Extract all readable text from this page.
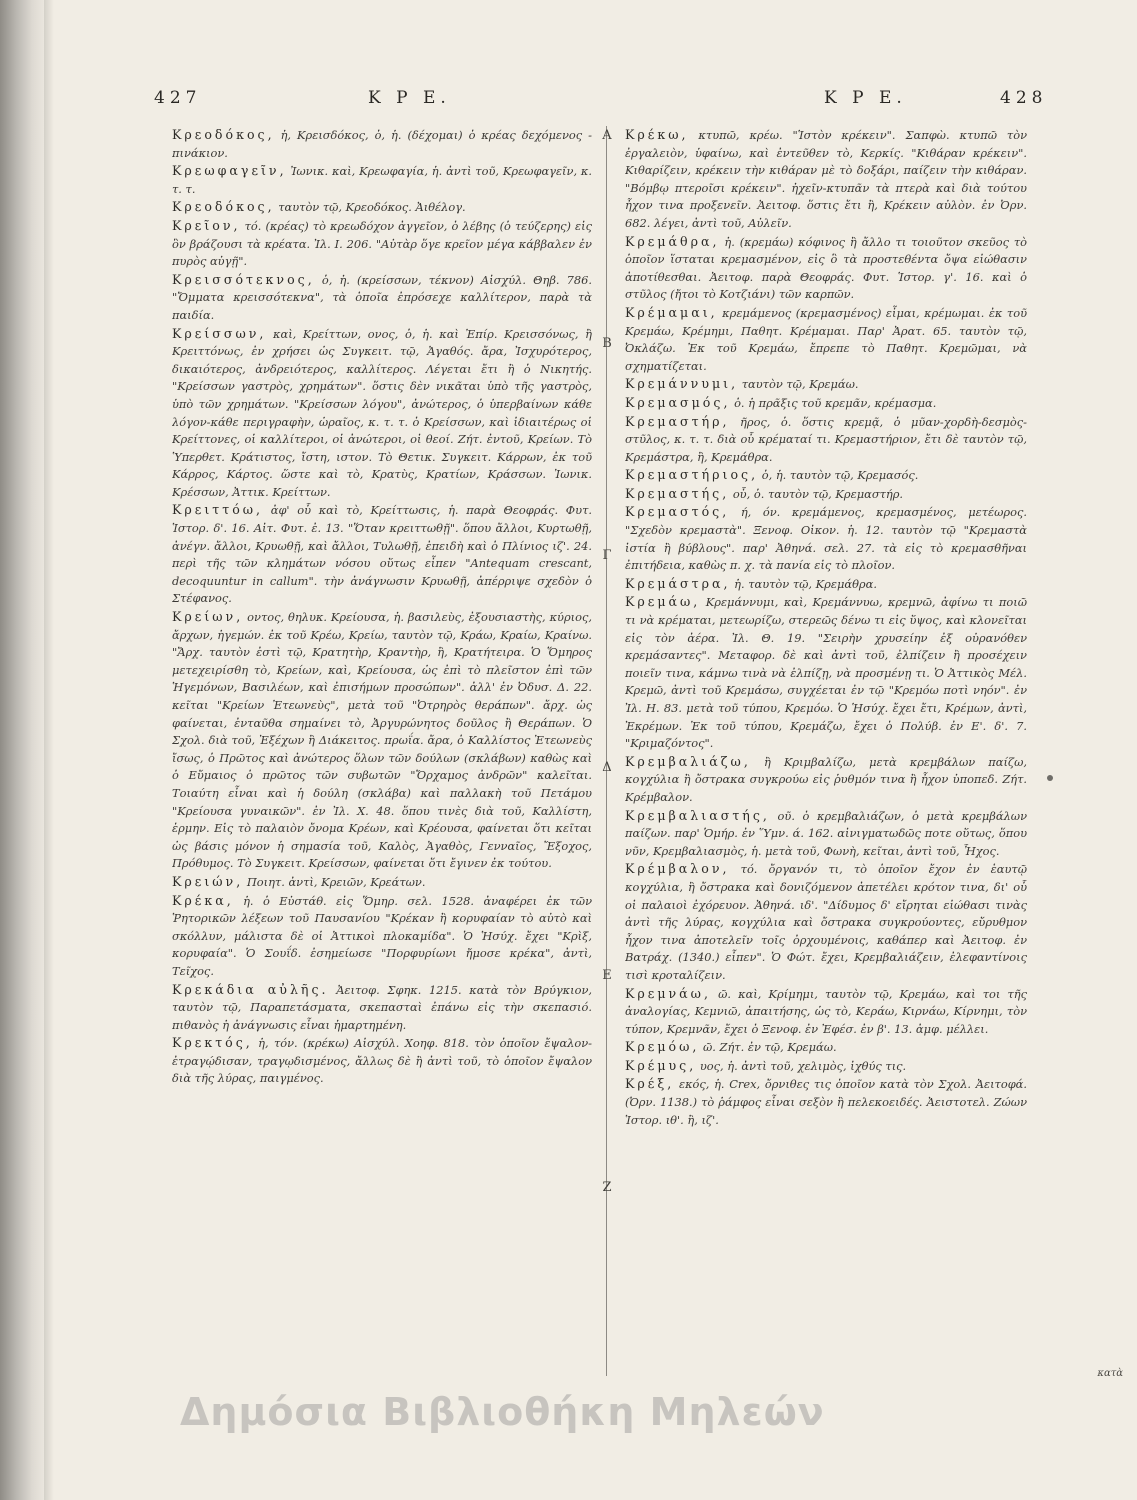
427	Κ Ρ Ε.	Κ Ρ Ε.	428
Α
Β
Γ
Δ
Ε
Ζ

Κρεοδόκος, ἡ, Κρεισδόκος, ὁ, ἡ. (δέχομαι) ὁ κρέας δεχόμενος - πινάκιον.

Κρεωφαγεῖν, Ἰωνικ. καὶ, Κρεωφαγία, ἡ. ἀντὶ τοῦ, Κρεωφαγεῖν, κ. τ. τ.

Κρεοδόκος, ταυτὸν τῷ, Κρεοδόκος. Ἀιθέλογ.

Κρεῖον, τό. (κρέας) τὸ κρεωδόχον ἀγγεῖον, ὁ λέβης (ὁ τεύζερης) εἰς ὃν βράζουσι τὰ κρέατα. Ἰλ. Ι. 206. "Αὐτὰρ ὅγε κρεῖον μέγα κάββαλεν ἐν πυρὸς αὐγῇ".

Κρεισσότεκνος, ὁ, ἡ. (κρείσσων, τέκνον) Αἰσχύλ. Θηβ. 786. "Ὄμματα κρεισσότεκνα", τὰ ὁποῖα ἐπρόσεχε καλλίτερον, παρὰ τὰ παιδία.

Κρείσσων, καὶ, Κρείττων, ονος, ὁ, ἡ. καὶ Ἐπίρ. Κρεισσόνως, ἢ Κρειττόνως, ἐν χρήσει ὡς Συγκειτ. τῷ, Ἀγαθός. ἄρα, Ἰσχυρότερος, δικαιότερος, ἀνδρειότερος, καλλίτερος. Λέγεται ἔτι ἢ ὁ Νικητής. "Κρείσσων γαστρὸς, χρημάτων". ὅστις δὲν νικᾶται ὑπὸ τῆς γαστρὸς, ὑπὸ τῶν χρημάτων. "Κρείσσων λόγου", ἀνώτερος, ὁ ὑπερβαίνων κάθε λόγον-κάθε περιγραφὴν, ὡραῖος, κ. τ. τ. ὁ Κρείσσων, καὶ ἰδιαιτέρως οἱ Κρείττονες, οἱ καλλίτεροι, οἱ ἀνώτεροι, οἱ θεοί. Ζήτ. ἐντοῦ, Κρείων. Τὸ Ὑπερθετ. Κράτιστος, ἴστη, ιστον. Τὸ Θετικ. Συγκειτ. Κάρρων, ἐκ τοῦ Κάρρος, Κάρτος. ὥστε καὶ τὸ, Κρατὺς, Κρατίων, Κράσσων. Ἰωνικ. Κρέσσων, Ἀττικ. Κρείττων.

Κρειττόω, ἀφ' οὗ καὶ τὸ, Κρείττωσις, ἡ. παρὰ Θεοφράς. Φυτ. Ἱστορ. δ'. 16. Αἰτ. Φυτ. ἐ. 13. "Ὅταν κρειττωθῇ". ὅπου ἄλλοι, Κυρτωθῇ, ἀνέγν. ἄλλοι, Κρυωθῇ, καὶ ἄλλοι, Τυλωθῇ, ἐπειδὴ καὶ ὁ Πλίνιος ιζ'. 24. περὶ τῆς τῶν κλημάτων νόσου οὕτως εἶπεν "Antequam crescant, decoquuntur in callum". τὴν ἀνάγνωσιν Κρυωθῇ, ἀπέρριψε σχεδὸν ὁ Στέφανος.

Κρείων, οντος, θηλυκ. Κρείουσα, ἡ. βασιλεὺς, ἐξουσιαστὴς, κύριος, ἄρχων, ἡγεμών. ἐκ τοῦ Κρέω, Κρείω, ταυτὸν τῷ, Κράω, Κραίω, Κραίνω. "Ἄρχ. ταυτὸν ἐστὶ τῷ, Κρατητὴρ, Κραντὴρ, ἢ, Κρατήτειρα. Ὁ Ὅμηρος μετεχειρίσθη τὸ, Κρείων, καὶ, Κρείουσα, ὡς ἐπὶ τὸ πλεῖστον ἐπὶ τῶν Ἡγεμόνων, Βασιλέων, καὶ ἐπισήμων προσώπων". ἀλλ' ἐν Ὀδυσ. Δ. 22. κεῖται "Κρείων Ἐτεωνεὺς", μετὰ τοῦ "Ὀτρηρὸς θεράπων". ἄρχ. ὡς φαίνεται, ἐνταῦθα σημαίνει τὸ, Ἀργυρώνητος δοῦλος ἢ Θεράπων. Ὁ Σχολ. διὰ τοῦ, Ἐξέχων ἢ Διάκειτος. πρωΐα. ἄρα, ὁ Καλλίστος Ἐτεωνεὺς ἴσως, ὁ Πρῶτος καὶ ἀνώτερος ὅλων τῶν δούλων (σκλάβων) καθὼς καὶ ὁ Εὔμαιος ὁ πρῶτος τῶν συβωτῶν "Ὄρχαμος ἀνδρῶν" καλεῖται. Τοιαύτη εἶναι καὶ ἡ δούλη (σκλάβα) καὶ παλλακὴ τοῦ Πετάμου "Κρείουσα γυναικῶν". ἐν Ἰλ. Χ. 48. ὅπου τινὲς διὰ τοῦ, Καλλίστη, ἑρμην. Εἰς τὸ παλαιὸν ὄνομα Κρέων, καὶ Κρέουσα, φαίνεται ὅτι κεῖται ὡς βάσις μόνον ἡ σημασία τοῦ, Καλὸς, Ἀγαθὸς, Γενναῖος, Ἔξοχος, Πρόθυμος. Τὸ Συγκειτ. Κρείσσων, φαίνεται ὅτι ἔγινεν ἐκ τούτου.

Κρειών, Ποιητ. ἀντὶ, Κρειῶν, Κρεάτων.

Κρέκα, ἡ. ὁ Εὐστάθ. εἰς Ὅμηρ. σελ. 1528. ἀναφέρει ἐκ τῶν Ῥητορικῶν λέξεων τοῦ Παυσανίου "Κρέκαν ἢ κορυφαίαν τὸ αὐτὸ καὶ σκόλλυν, μάλιστα δὲ οἱ Ἀττικοὶ πλοκαμίδα". Ὁ Ἡσύχ. ἔχει "Κρὶξ, κορυφαία". Ὁ Σουΐδ. ἐσημείωσε "Πορφυρίωνι ἤμοσε κρέκα", ἀντὶ, Τεῖχος.

Κρεκάδια αὐλῆς. Ἀειτοφ. Σφηκ. 1215. κατὰ τὸν Βρύγκιον, ταυτὸν τῷ, Παραπετάσματα, σκεπασταὶ ἐπάνω εἰς τὴν σκεπασιό. πιθανὸς ἡ ἀνάγνωσις εἶναι ἡμαρτημένη.

Κρεκτός, ἡ, τόν. (κρέκω) Αἰσχύλ. Χοηφ. 818. τὸν ὁποῖον ἔψαλον-ἐτραγῴδισαν, τραγῳδισμένος, ἄλλως δὲ ἢ ἀντὶ τοῦ, τὸ ὁποῖον ἔψαλον διὰ τῆς λύρας, παιγμένος.

Κρέκω, κτυπῶ, κρέω. "Ἱστὸν κρέκειν". Σαπφὼ. κτυπῶ τὸν ἐργαλειὸν, ὑφαίνω, καὶ ἐντεῦθεν τὸ, Κερκίς. "Κιθάραν κρέκειν". Κιθαρίζειν, κρέκειν τὴν κιθάραν μὲ τὸ δοξάρι, παίζειν τὴν κιθάραν. "Βόμβῳ πτεροῖσι κρέκειν". ἠχεῖν-κτυπᾶν τὰ πτερὰ καὶ διὰ τούτου ἦχον τινα προξενεῖν. Ἀειτοφ. ὅστις ἔτι ἢ, Κρέκειν αὐλὸν. ἐν Ὀρν. 682. λέγει, ἀντὶ τοῦ, Αὐλεῖν.

Κρεμάθρα, ἡ. (κρεμάω) κόφινος ἢ ἄλλο τι τοιοῦτον σκεῦος τὸ ὁποῖον ἵσταται κρεμασμένον, εἰς ὃ τὰ προστεθέντα ὄψα εἰώθασιν ἀποτίθεσθαι. Ἀειτοφ. παρὰ Θεοφράς. Φυτ. Ἱστορ. γ'. 16. καὶ ὁ στῦλος (ἤτοι τὸ Κοτζιάνι) τῶν καρπῶν.

Κρέμαμαι, κρεμάμενος (κρεμασμένος) εἶμαι, κρέμωμαι. ἐκ τοῦ Κρεμάω, Κρέμημι, Παθητ. Κρέμαμαι. Παρ' Ἀρατ. 65. ταυτὸν τῷ, Ὀκλάζω. Ἐκ τοῦ Κρεμάω, ἔπρεπε τὸ Παθητ. Κρεμῶμαι, νὰ σχηματίζεται.

Κρεμάννυμι, ταυτὸν τῷ, Κρεμάω.

Κρεμασμός, ὁ. ἡ πρᾶξις τοῦ κρεμᾶν, κρέμασμα.

Κρεμαστήρ, ῆρος, ὁ. ὅστις κρεμᾷ, ὁ μῦαν-χορδὴ-δεσμὸς-στῦλος, κ. τ. τ. διὰ οὗ κρέματαί τι. Κρεμαστήριον, ἔτι δὲ ταυτὸν τῷ, Κρεμάστρα, ἢ, Κρεμάθρα.

Κρεμαστήριος, ὁ, ἡ. ταυτὸν τῷ, Κρεμασός.

Κρεμαστής, οὗ, ὁ. ταυτὸν τῷ, Κρεμαστήρ.

Κρεμαστός, ή, όν. κρεμάμενος, κρεμασμένος, μετέωρος. "Σχεδὸν κρεμαστὰ". Ξενοφ. Οἰκον. ἡ. 12. ταυτὸν τῷ "Κρεμαστὰ ἱστία ἢ βύβλους". παρ' Ἀθηνά. σελ. 27. τὰ εἰς τὸ κρεμασθῆναι ἐπιτήδεια, καθὼς π. χ. τὰ πανία εἰς τὸ πλοῖον.

Κρεμάστρα, ἡ. ταυτὸν τῷ, Κρεμάθρα.

Κρεμάω, Κρεμάννυμι, καὶ, Κρεμάννυω, κρεμνῶ, ἀφίνω τι ποιῶ τι νὰ κρέμαται, μετεωρίζω, στερεῶς δένω τι εἰς ὕψος, καὶ κλονεῖται εἰς τὸν ἀέρα. Ἰλ. Θ. 19. "Σειρὴν χρυσείην ἐξ οὐρανόθεν κρεμάσαντες". Μεταφορ. δὲ καὶ ἀντὶ τοῦ, ἐλπίζειν ἢ προσέχειν ποιεῖν τινα, κάμνω τινὰ νὰ ἐλπίζῃ, νὰ προσμένῃ τι. Ὁ Ἀττικὸς Μέλ. Κρεμῶ, ἀντὶ τοῦ Κρεμάσω, συγχέεται ἐν τῷ "Κρεμόω ποτὶ νηόν". ἐν Ἰλ. Η. 83. μετὰ τοῦ τύπου, Κρεμόω. Ὁ Ἡσύχ. ἔχει ἔτι, Κρέμων, ἀντὶ, Ἐκρέμων. Ἐκ τοῦ τύπου, Κρεμάζω, ἔχει ὁ Πολύβ. ἐν Ε'. δ'. 7. "Κριμαζόντος".

Κρεμβαλιάζω, ἢ Κριμβαλίζω, μετὰ κρεμβάλων παίζω, κογχύλια ἢ ὄστρακα συγκρούω εἰς ῥυθμόν τινα ἢ ἦχον ὑποπεδ. Ζήτ. Κρέμβαλον.

Κρεμβαλιαστής, οῦ. ὁ κρεμβαλιάζων, ὁ μετὰ κρεμβάλων παίζων. παρ' Ὁμήρ. ἐν Ὕμν. ά. 162. αἰνιγματωδῶς ποτε οὕτως, ὅπου νῦν, Κρεμβαλιασμὸς, ἡ. μετὰ τοῦ, Φωνὴ, κεῖται, ἀντὶ τοῦ, Ἦχος.

Κρέμβαλον, τό. ὄργανόν τι, τὸ ὁποῖον ἔχον ἐν ἑαυτῷ κογχύλια, ἢ ὄστρακα καὶ δονιζόμενον ἀπετέλει κρότον τινα, δι' οὗ οἱ παλαιοὶ ἐχόρευον. Ἀθηνά. ιδ'. "Δίδυμος δ' εἴρηται εἰώθασι τινὰς ἀντὶ τῆς λύρας, κογχύλια καὶ ὄστρακα συγκρούοντες, εὔρυθμον ἦχον τινα ἀποτελεῖν τοῖς ὀρχουμένοις, καθάπερ καὶ Ἀειτοφ. ἐν Βατράχ. (1340.) εἶπεν". Ὁ Φώτ. ἔχει, Κρεμβαλιάζειν, ἐλεφαντίνοις τισὶ κροταλίζειν.

Κρεμνάω, ῶ. καὶ, Κρίμημι, ταυτὸν τῷ, Κρεμάω, καὶ τοι τῆς ἀναλογίας, Κεμνιῶ, ἀπαιτήσης, ὡς τὸ, Κεράω, Κιρνάω, Κίρνημι, τὸν τύπον, Κρεμνᾶν, ἔχει ὁ Ξενοφ. ἐν Ἐφέσ. ἐν β'. 13. ἀμφ. μέλλει.

Κρεμόω, ῶ. Ζήτ. ἐν τῷ, Κρεμάω.

Κρέμυς, υος, ἡ. ἀντὶ τοῦ, χελιμὸς, ἰχθύς τις.

Κρέξ, εκός, ἡ. Crex, ὄρνιθες τις ὁποῖον κατὰ τὸν Σχολ. Ἀειτοφά. (Ὀρν. 1138.) τὸ ῥάμφος εἶναι σεξὸν ἢ πελεκοειδές. Ἀειστοτελ. Ζώων Ἱστορ. ιθ'. ἢ, ιζ'.

κατὰ
Δημόσια Βιβλιοθήκη Μηλεών
